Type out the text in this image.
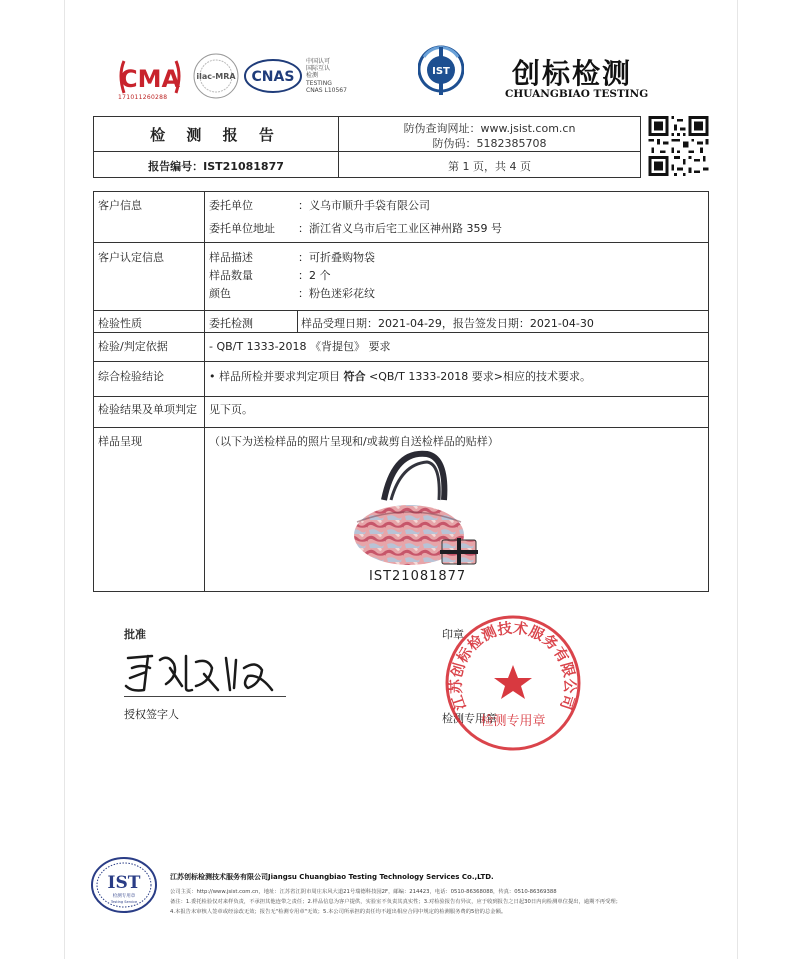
CMA
171011260288
ilac-MRA CNAS
中国认可
国际互认
检测
TESTING
CNAS L10567
IST 创标检测
CHUANGBIAO TESTING
检 测 报 告
报告编号：IST21081877
防伪查询网址：www.jsist.com.cn
防伪码：5182385708
第 1 页，共 4 页
客户信息	委托单位	：义乌市顺升手袋有限公司
委托单位地址 ：浙江省义乌市后宅工业区神州路 359 号
客户认定信息	样品描述	：可折叠购物袋
样品数量	：2 个
颜色	：粉色迷彩花纹
检验性质	委托检测	样品受理日期：2021-04-29，报告签发日期：2021-04-30
检验/判定依据	- QB/T 1333-2018 《背提包》 要求
综合检验结论	• 样品所检并要求判定项目 符合 <QB/T 1333-2018 要求>相应的技术要求。
检验结果及单项判定 见下页。
样品呈现	（以下为送检样品的照片呈现和/或裁剪自送检样品的贴样）
IST21081877
批准
授权签字人
印章
检测专用章
江苏创标检测技术服务有限公司
检测专用章
IST
检测专用章
Testing Service
江苏创标检测技术服务有限公司Jiangsu Chuangbiao Testing Technology Services Co.,LTD.
公司主页：http://www.jsist.com.cn，地址：江苏省江阴市周庄东风大道21号瑞德科技园2F，邮编：214423，电话：0510-86368088，传真：0510-86369388
备注：1.委托检验仅对来样负责，不承担其他连带之责任；2.样品信息为客户提供，实验室不负责其真实性；3.对检验报告有异议，应于收到报告之日起30日内向检测单位提出，逾期不再受理；
4.本报告未审核人签章或经涂改无效；报告无"检测专用章"无效；5.本公司所承担的责任均不超出相应合同中规定的检测服务费的5倍的总金额。
